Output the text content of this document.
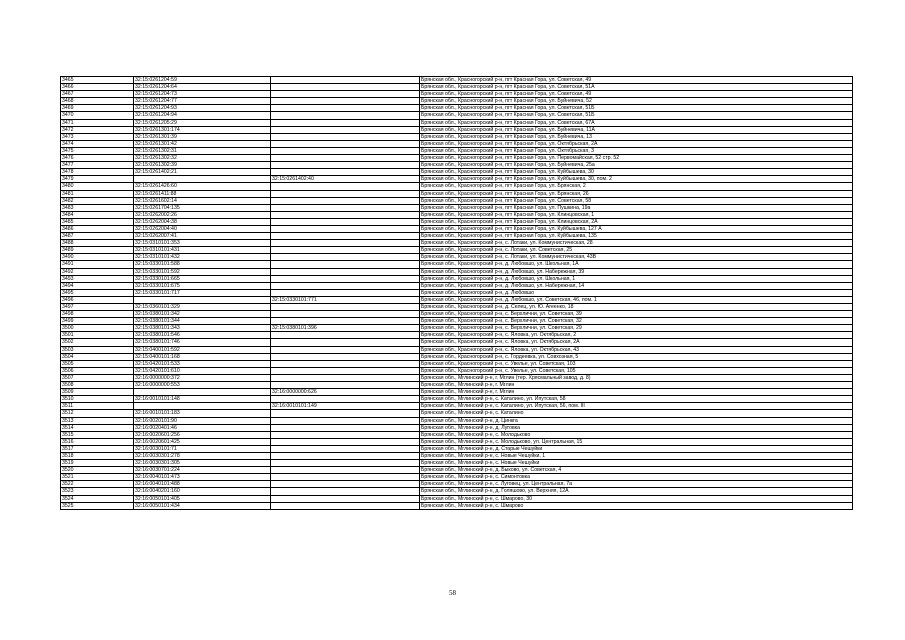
3465	32:15:0261204:59		Брянская обл., Красногорский р-н, пгт Красная Гора, ул. Советская, 49
3466	32:15:0261204:64		Брянская обл., Красногорский р-н, пгт Красная Гора, ул. Советская, 51А
3467	32:15:0261204:73		Брянская обл., Красногорский р-н, пгт Красная Гора, ул. Советская, 49
3468	32:15:0261204:77		Брянская обл., Красногорский р-н, пгт Красная Гора, ул. Буйневича, 52
3469	32:15:0261204:93		Брянская обл., Красногорский р-н, пгт Красная Гора, ул. Советская, 51Б
3470	32:15:0261204:94		Брянская обл., Красногорский р-н, пгт Красная Гора, ул. Советская, 51Б
3471	32:15:0261205:29		Брянская обл., Красногорский р-н, пгт Красная Гора, ул. Советская, 67А
3472	32:15:0261301:174		Брянская обл., Красногорский р-н, пгт Красная Гора, ул. Буйневича, 11А
3473	32:15:0261301:39		Брянская обл., Красногорский р-н, пгт Красная Гора, ул. Буйневича, 13
3474	32:15:0261301:42		Брянская обл., Красногорский р-н, пгт Красная Гора, ул. Октябрьская, 2А
3475	32:15:0261302:31		Брянская обл., Красногорский р-н, пгт Красная Гора, ул. Октябрьская, 3
3476	32:15:0261302:32		Брянская обл., Красногорский р-н, пгт Красная Гора, ул. Первомайская, 52 стр. 52
3477	32:15:0261302:39		Брянская обл., Красногорский р-н, пгт Красная Гора, ул. Буйневича, 25а
3478	32:15:0261402:21		Брянская обл., Красногорский р-н, пгт Красная Гора, ул. Куйбышева, 30
3479		32:15:0261402:40	Брянская обл., Красногорский р-н, пгт Красная Гора, ул. Куйбышева, 30, пом. 2
3480	32:15:0261426:60		Брянская обл., Красногорский р-н, пгт Красная Гора, ул. Брянская, 2
3481	32:15:0261411:88		Брянская обл., Красногорский р-н, пгт Красная Гора, ул. Брянская, 26
3482	32:15:0261602:14		Брянская обл., Красногорский р-н, пгт Красная Гора, ул. Советская, 58
3483	32:15:0261704:135		Брянская обл., Красногорский р-н, пгт Красная Гора, ул. Пушкина, 19а
3484	32:15:0262002:26		Брянская обл., Красногорский р-н, пгт Красная Гора, ул. Клинцовская, 1
3485	32:15:0262004:38		Брянская обл., Красногорский р-н, пгт Красная Гора, ул. Клинцовская, 2А
3486	32:15:0262004:40		Брянская обл., Красногорский р-н, пгт Красная Гора, ул. Куйбышева, 127 А
3487	32:15:0262007:41		Брянская обл., Красногорский р-н, пгт Красная Гора, ул. Куйбышева, 135
3488	32:15:0310101:353		Брянская обл., Красногорский р-н, с. Лотаки, ул. Коммунистическая, 28
3489	32:15:0310101:431		Брянская обл., Красногорский р-н, с. Лотаки, ул. Советская, 25
3490	32:15:0310101:432		Брянская обл., Красногорский р-н, с. Лотаки, ул. Коммунистическая, 43В
3491	32:15:0330101:588		Брянская обл., Красногорский р-н, д. Любовшо, ул. Школьная, 1А
3492	32:15:0330101:592		Брянская обл., Красногорский р-н, д. Любовшо, ул. Набережная, 39
3493	32:15:0330101:665		Брянская обл., Красногорский р-н, д. Любовшо, ул. Школьная, 1
3494	32:15:0330101:675		Брянская обл., Красногорский р-н, д. Любовшо, ул. Набережная, 14
3495	32:15:0330101:717		Брянская обл., Красногорский р-н, д. Любовшо
3496		32:15:0330101:771	Брянская обл., Красногорский р-н, д. Любовшо, ул. Советская, 46, пом. 1
3497	32:15:0360101:329		Брянская обл., Красногорский р-н, д. Селец, ул. Ю. Агеенко, 18
3498	32:15:0380101:342		Брянская обл., Красногорский р-н, с. Верхлични, ул. Советская, 39
3499	32:15:0380101:344		Брянская обл., Красногорский р-н, с. Верхлични, ул. Советская, 32
3500	32:15:0380101:343	32:15:0380101:396	Брянская обл., Красногорский р-н, с. Верхлични, ул. Советская, 29
3501	32:15:0380101:546		Брянская обл., Красногорский р-н, с. Яловка, ул. Октябрьская, 2
3502	32:15:0380101:746		Брянская обл., Красногорский р-н, с. Яловка, ул. Октябрьская, 2А
3503	32:15:0400101:592		Брянская обл., Красногорский р-н, с. Яловка, ул. Октябрьская, 43
3504	32:15:0400101:168		Брянская обл., Красногорский р-н, с. Гордеевка, ул. Совхозная, 5
3505	32:15:0420101:533		Брянская обл., Красногорский р-н, с. Увелье, ул. Советская, 103
3506	32:15:0420101:610		Брянская обл., Красногорский р-н, с. Увелье, ул. Советская, 105
3507	32:16:0000000:372		Брянская обл., Мглинский р-н, г. Мглин (тер. Хрясмальный завод, д. 8)
3508	32:16:0000000:553		Брянская обл., Мглинский р-н, г. Мглин
3509		32:16:0000000:626	Брянская обл., Мглинский р-н, г. Мглин
3510	32:16:0010101:148		Брянская обл., Мглинский р-н, с. Каталино, ул. Ипутская, 58
3511		32:16:0010101:149	Брянская обл., Мглинский р-н, с. Каталино, ул. Ипутская, 56, пом. III
3512	32:16:0010101:183		Брянская обл., Мглинский р-н, с. Каталино
3513	32:16:0020101:90		Брянская обл., Мглинский р-н, д. Цинкга
3514	32:16:0020401:46		Брянская обл., Мглинский р-н, д. Луговка
3515	32:16:0020601:256		Брянская обл., Мглинский р-н, с. Молодьково
3516	32:16:0020601:425		Брянская обл., Мглинский р-н, с. Молодьково, ул. Центральная, 15
3517	32:16:0030101:71		Брянская обл., Мглинский р-н, д. Старые Чешуйки
3518	32:16:0030301:278		Брянская обл., Мглинский р-н, с. Новые Чешуйки, 1
3519	32:16:0030301:305		Брянская обл., Мглинский р-н, с. Новые Чешуйки
3520	32:16:0030701:224		Брянская обл., Мглинский р-н, д. Быково, ул. Советская, 4
3521	32:16:0040101:473		Брянская обл., Мглинский р-н, с. Симонтовка
3522	32:16:0040101:488		Брянская обл., Мглинский р-н, с. Луговец, ул. Центральная, 7а
3523	32:16:0040201:160		Брянская обл., Мглинский р-н, д. Голяшово, ул. Верхняя, 12А
3524	32:16:0050101:405		Брянская обл., Мглинский р-н, с. Шмарово, 30
3525	32:16:0050101:434		Брянская обл., Мглинский р-н, с. Шмарово
58
